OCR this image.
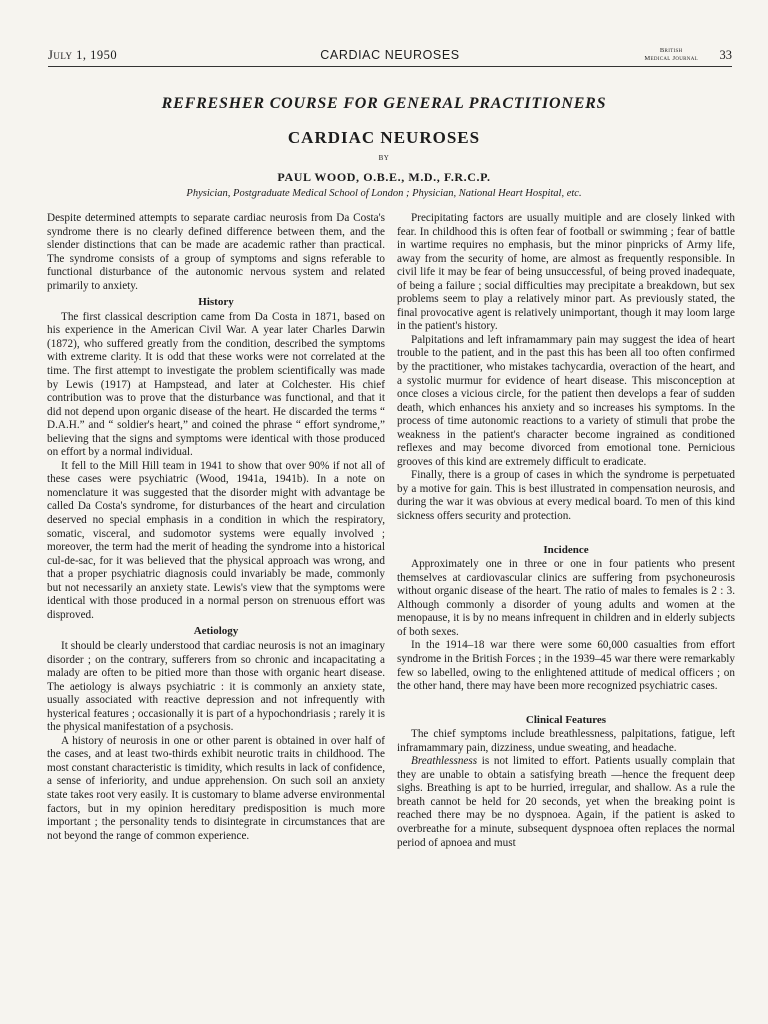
July 1, 1950	CARDIAC NEUROSES	British
Medical Journal 33
REFRESHER COURSE FOR GENERAL PRACTITIONERS
CARDIAC NEUROSES
BY
PAUL WOOD, O.B.E., M.D., F.R.C.P.
Physician, Postgraduate Medical School of London ; Physician, National Heart Hospital, etc.

Despite determined attempts to separate cardiac neurosis from Da Costa's syndrome there is no clearly defined difference between them, and the slender distinctions that can be made are academic rather than practical. The syndrome consists of a group of symptoms and signs referable to functional disturbance of the autonomic nervous system and related primarily to anxiety.

History

The first classical description came from Da Costa in 1871, based on his experience in the American Civil War. A year later Charles Darwin (1872), who suffered greatly from the condition, described the symptoms with extreme clarity. It is odd that these works were not correlated at the time. The first attempt to investigate the problem scientifically was made by Lewis (1917) at Hampstead, and later at Colchester. His chief contribution was to prove that the disturbance was functional, and that it did not depend upon organic disease of the heart. He discarded the terms “ D.A.H.” and “ soldier's heart,” and coined the phrase “ effort syndrome,” believing that the signs and symptoms were identical with those produced on effort by a normal individual.

It fell to the Mill Hill team in 1941 to show that over 90% if not all of these cases were psychiatric (Wood, 1941a, 1941b). In a note on nomenclature it was suggested that the disorder might with advantage be called Da Costa's syndrome, for disturbances of the heart and circulation deserved no special emphasis in a condition in which the respiratory, somatic, visceral, and sudomotor systems were equally involved ; moreover, the term had the merit of heading the syndrome into a historical cul-de-sac, for it was believed that the physical approach was wrong, and that a proper psychiatric diagnosis could invariably be made, commonly but not necessarily an anxiety state. Lewis's view that the symptoms were identical with those produced in a normal person on strenuous effort was disproved.

Aetiology

It should be clearly understood that cardiac neurosis is not an imaginary disorder ; on the contrary, sufferers from so chronic and incapacitating a malady are often to be pitied more than those with organic heart disease. The aetiology is always psychiatric : it is commonly an anxiety state, usually associated with reactive depression and not infrequently with hysterical features ; occasionally it is part of a hypochondriasis ; rarely it is the physical manifestation of a psychosis.

A history of neurosis in one or other parent is obtained in over half of the cases, and at least two-thirds exhibit neurotic traits in childhood. The most constant characteristic is timidity, which results in lack of confidence, a sense of inferiority, and undue apprehension. On such soil an anxiety state takes root very easily. It is customary to blame adverse environmental factors, but in my opinion hereditary predisposition is much more important ; the personality tends to disintegrate in circumstances that are not beyond the range of common experience.

Precipitating factors are usually muitiple and are closely linked with fear. In childhood this is often fear of football or swimming ; fear of battle in wartime requires no emphasis, but the minor pinpricks of Army life, away from the security of home, are almost as frequently responsible. In civil life it may be fear of being unsuccessful, of being proved inadequate, of being a failure ; social difficulties may precipitate a breakdown, but sex problems seem to play a relatively minor part. As previously stated, the final provocative agent is relatively unimportant, though it may loom large in the patient's history.

Palpitations and left inframammary pain may suggest the idea of heart trouble to the patient, and in the past this has been all too often confirmed by the practitioner, who mistakes tachycardia, overaction of the heart, and a systolic murmur for evidence of heart disease. This misconception at once closes a vicious circle, for the patient then develops a fear of sudden death, which enhances his anxiety and so increases his symptoms. In the process of time autonomic reactions to a variety of stimuli that probe the weakness in the patient's character become ingrained as conditioned reflexes and may become divorced from emotional tone. Pernicious grooves of this kind are extremely difficult to eradicate.

Finally, there is a group of cases in which the syndrome is perpetuated by a motive for gain. This is best illustrated in compensation neurosis, and during the war it was obvious at every medical board. To men of this kind sickness offers security and protection.

Incidence

Approximately one in three or one in four patients who present themselves at cardiovascular clinics are suffering from psychoneurosis without organic disease of the heart. The ratio of males to females is 2 : 3. Although commonly a disorder of young adults and women at the menopause, it is by no means infrequent in children and in elderly subjects of both sexes.

In the 1914–18 war there were some 60,000 casualties from effort syndrome in the British Forces ; in the 1939–45 war there were remarkably few so labelled, owing to the enlightened attitude of medical officers ; on the other hand, there may have been more recognized psychiatric cases.

Clinical Features

The chief symptoms include breathlessness, palpitations, fatigue, left inframammary pain, dizziness, undue sweating, and headache.

Breathlessness is not limited to effort. Patients usually complain that they are unable to obtain a satisfying breath —hence the frequent deep sighs. Breathing is apt to be hurried, irregular, and shallow. As a rule the breath cannot be held for 20 seconds, yet when the breaking point is reached there may be no dyspnoea. Again, if the patient is asked to overbreathe for a minute, subsequent dyspnoea often replaces the normal period of apnoea and must
